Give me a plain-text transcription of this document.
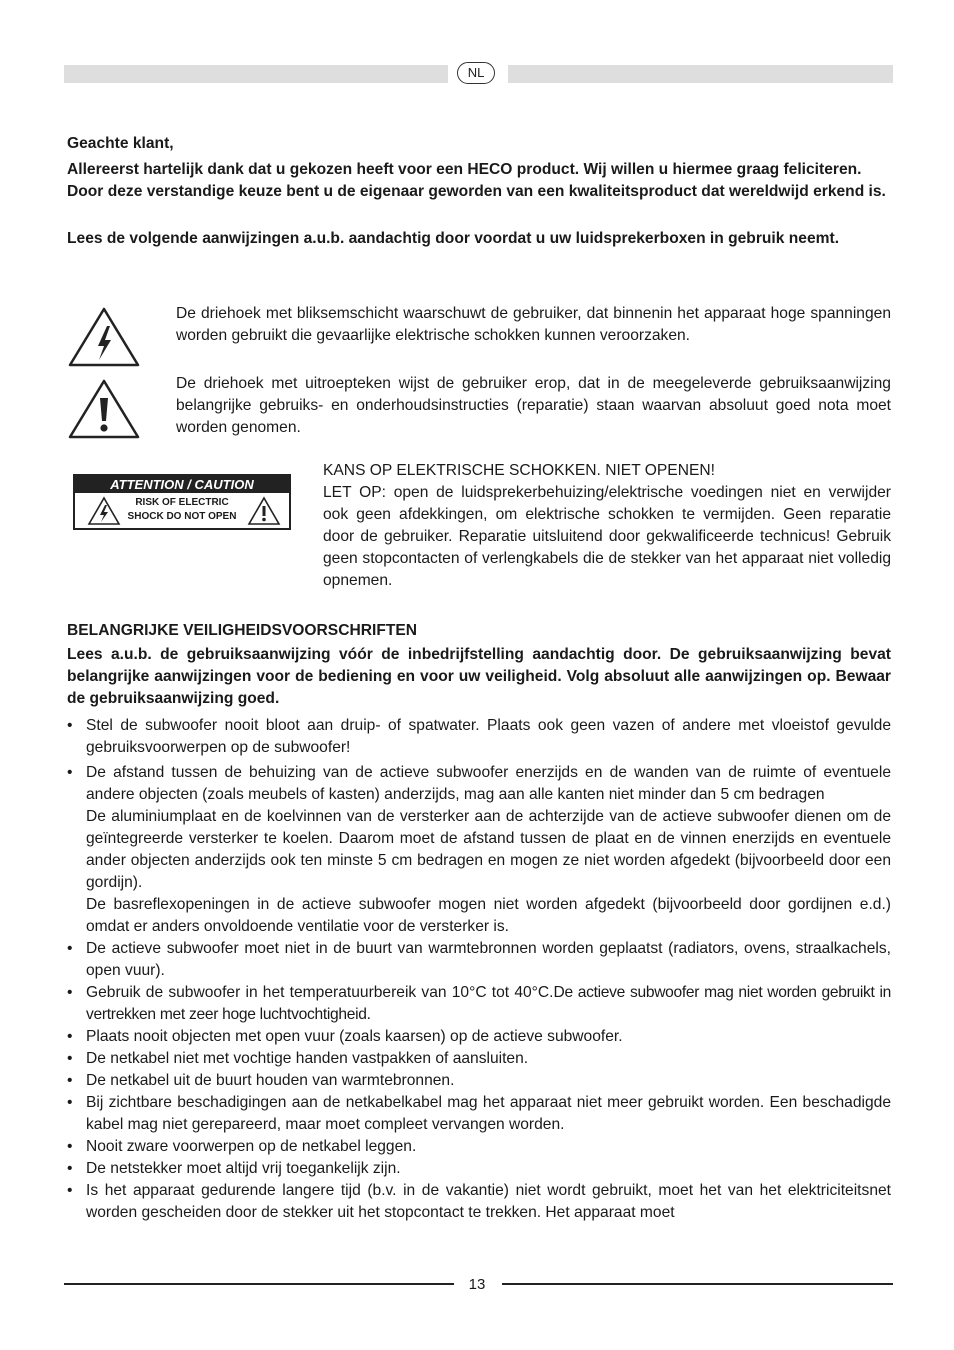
NL

Geachte klant,

Allereerst hartelijk dank dat u gekozen heeft voor een HECO product. Wij willen u hiermee graag feliciteren. Door deze verstandige keuze bent u de eigenaar geworden van een kwaliteitsproduct dat wereldwijd erkend is.

Lees de volgende aanwijzingen a.u.b. aandachtig door voordat u uw luidsprekerboxen in gebruik neemt.

De driehoek met bliksemschicht waarschuwt de gebruiker, dat binnenin het apparaat hoge spanningen worden gebruikt die gevaarlijke elektrische schokken kunnen veroorzaken.

De driehoek met uitroepteken wijst de gebruiker erop, dat in de meegeleverde gebruiksaanwijzing belangrijke gebruiks- en onderhoudsinstructies (reparatie) staan waarvan absoluut goed nota moet worden genomen.

ATTENTION / CAUTION
RISK OF ELECTRIC
SHOCK DO NOT OPEN

KANS OP ELEKTRISCHE SCHOKKEN. NIET OPENEN!

LET OP: open de luidsprekerbehuizing/elektrische voedingen niet en verwijder ook geen afdekkingen, om elektrische schokken te vermijden. Geen reparatie door de gebruiker. Reparatie uitsluitend door gekwalificeerde technicus! Gebruik geen stopcontacten of verlengkabels die de stekker van het apparaat niet volledig opnemen.

BELANGRIJKE VEILIGHEIDSVOORSCHRIFTEN

Lees a.u.b. de gebruiksaanwijzing vóór de inbedrijfstelling aandachtig door. De gebruiksaanwijzing bevat belangrijke aanwijzingen voor de bediening en voor uw veiligheid. Volg absoluut alle aanwijzingen op. Bewaar de gebruiksaanwijzing goed.

• Stel de subwoofer nooit bloot aan druip- of spatwater. Plaats ook geen vazen of andere met vloeistof gevulde gebruiksvoorwerpen op de subwoofer!
• De afstand tussen de behuizing van de actieve subwoofer enerzijds en de wanden van de ruimte of eventuele andere objecten (zoals meubels of kasten) anderzijds, mag aan alle kanten niet minder dan 5 cm bedragen
De aluminiumplaat en de koelvinnen van de versterker aan de achterzijde van de actieve subwoofer dienen om de geïntegreerde versterker te koelen. Daarom moet de afstand tussen de plaat en de vinnen enerzijds en eventuele ander objecten anderzijds ook ten minste 5 cm bedragen en mogen ze niet worden afgedekt (bijvoorbeeld door een gordijn).
De basreflexopeningen in de actieve subwoofer mogen niet worden afgedekt (bijvoorbeeld door gordijnen e.d.) omdat er anders onvoldoende ventilatie voor de versterker is.
• De actieve subwoofer moet niet in de buurt van warmtebronnen worden geplaatst (radiators, ovens, straalkachels, open vuur).
• Gebruik de subwoofer in het temperatuurbereik van 10°C tot 40°C.De actieve subwoofer mag niet worden gebruikt in vertrekken met zeer hoge luchtvochtigheid.
• Plaats nooit objecten met open vuur (zoals kaarsen) op de actieve subwoofer.
• De netkabel niet met vochtige handen vastpakken of aansluiten.
• De netkabel uit de buurt houden van warmtebronnen.
• Bij zichtbare beschadigingen aan de netkabelkabel mag het apparaat niet meer gebruikt worden. Een beschadigde kabel mag niet gerepareerd, maar moet compleet vervangen worden.
• Nooit zware voorwerpen op de netkabel leggen.
• De netstekker moet altijd vrij toegankelijk zijn.
• Is het apparaat gedurende langere tijd (b.v. in de vakantie) niet wordt gebruikt, moet het van het elektriciteitsnet worden gescheiden door de stekker uit het stopcontact te trekken. Het apparaat moet
13
